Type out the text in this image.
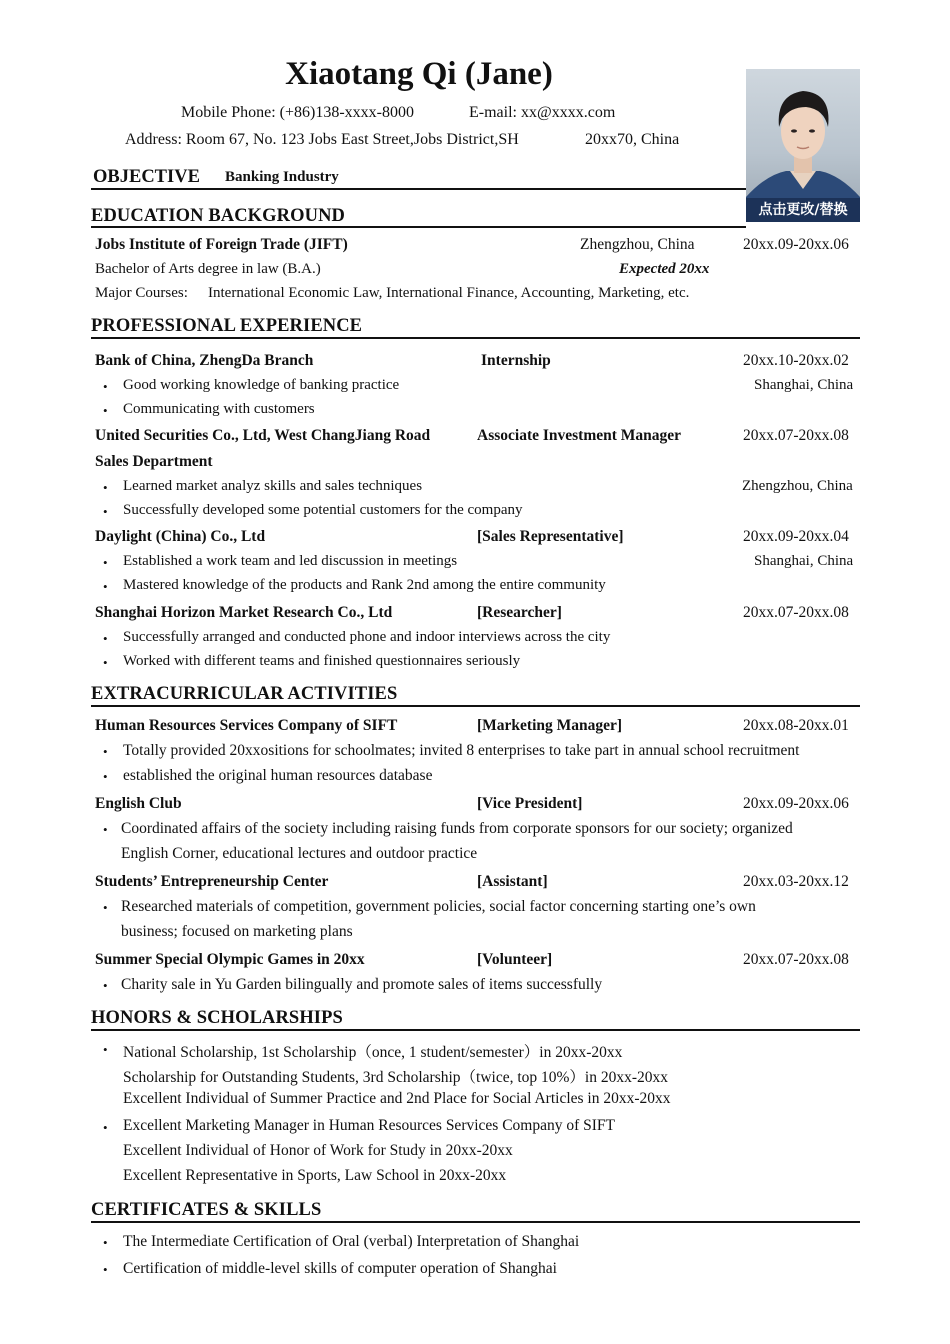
Xiaotang Qi (Jane)
Mobile Phone: (+86)138-xxxx-8000	E-mail: xx@xxxx.com
Address: Room 67, No. 123 Jobs East Street,Jobs District,SH	20xx70, China
点击更改/替换
OBJECTIVE Banking Industry
EDUCATION BACKGROUND
Jobs Institute of Foreign Trade (JIFT)	Zhengzhou, China	20xx.09-20xx.06
Bachelor of Arts degree in law (B.A.)	Expected 20xx
Major Courses: International Economic Law, International Finance, Accounting, Marketing, etc.
PROFESSIONAL EXPERIENCE
Bank of China, ZhengDa Branch	Internship	20xx.10-20xx.02
• Good working knowledge of banking practice	Shanghai, China
• Communicating with customers
United Securities Co., Ltd, West ChangJiang Road	Associate Investment Manager	20xx.07-20xx.08
Sales Department
• Learned market analyz skills and sales techniques	Zhengzhou, China
• Successfully developed some potential customers for the company
Daylight (China) Co., Ltd	[Sales Representative]	20xx.09-20xx.04
• Established a work team and led discussion in meetings	Shanghai, China
• Mastered knowledge of the products and Rank 2nd among the entire community
Shanghai Horizon Market Research Co., Ltd	[Researcher]	20xx.07-20xx.08
• Successfully arranged and conducted phone and indoor interviews across the city
• Worked with different teams and finished questionnaires seriously
EXTRACURRICULAR ACTIVITIES
Human Resources Services Company of SIFT	[Marketing Manager]	20xx.08-20xx.01
• Totally provided 20xxositions for schoolmates; invited 8 enterprises to take part in annual school recruitment
• established the original human resources database
English Club	[Vice President]	20xx.09-20xx.06
• Coordinated affairs of the society including raising funds from corporate sponsors for our society; organized
English Corner, educational lectures and outdoor practice
Students’ Entrepreneurship Center	[Assistant]	20xx.03-20xx.12
• Researched materials of competition, government policies, social factor concerning starting one’s own
business; focused on marketing plans
Summer Special Olympic Games in 20xx	[Volunteer]	20xx.07-20xx.08
• Charity sale in Yu Garden bilingually and promote sales of items successfully
HONORS & SCHOLARSHIPS
• National Scholarship, 1st Scholarship（once, 1 student/semester）in 20xx-20xx
Scholarship for Outstanding Students, 3rd Scholarship（twice, top 10%）in 20xx-20xx
Excellent Individual of Summer Practice and 2nd Place for Social Articles in 20xx-20xx
• Excellent Marketing Manager in Human Resources Services Company of SIFT
Excellent Individual of Honor of Work for Study in 20xx-20xx
Excellent Representative in Sports, Law School in 20xx-20xx
CERTIFICATES & SKILLS
• The Intermediate Certification of Oral (verbal) Interpretation of Shanghai
• Certification of middle-level skills of computer operation of Shanghai
